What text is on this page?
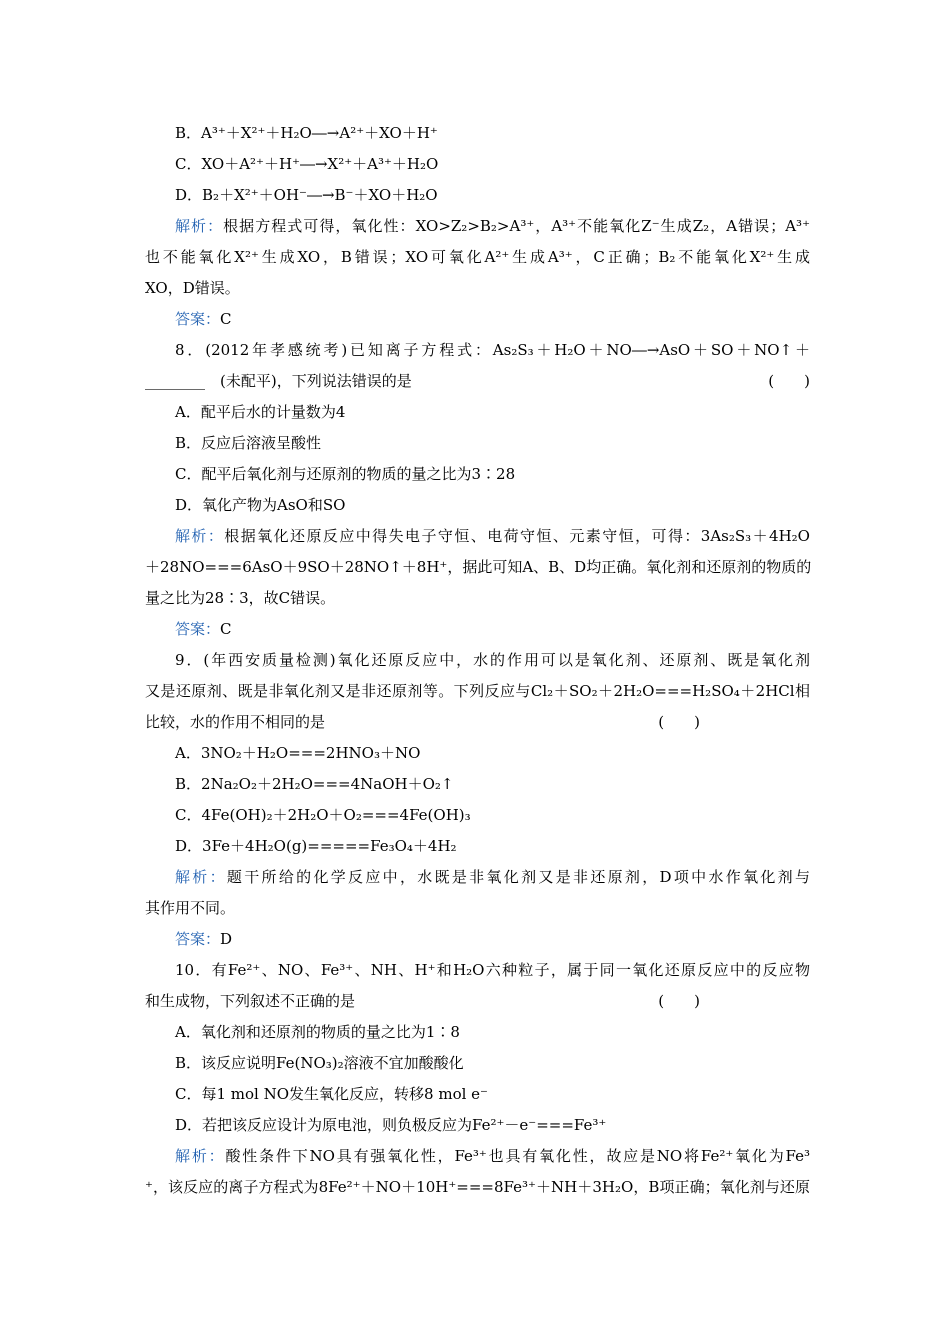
B．A³⁺＋X²⁺＋H₂O―→A²⁺＋XO＋H⁺
C．XO＋A²⁺＋H⁺―→X²⁺＋A³⁺＋H₂O
D．B₂＋X²⁺＋OH⁻―→B⁻＋XO＋H₂O
解析：根据方程式可得，氧化性：XO>Z₂>B₂>A³⁺，A³⁺不能氧化Z⁻生成Z₂，A错误；A³⁺
也不能氧化X²⁺生成XO，B错误；XO可氧化A²⁺生成A³⁺，C正确；B₂不能氧化X²⁺生成
XO，D错误。
答案：C
8．(2012年孝感统考)已知离子方程式：As₂S₃＋H₂O＋NO―→AsO＋SO＋NO↑＋
________　(未配平)，下列说法错误的是	(　　)
A．配平后水的计量数为4
B．反应后溶液呈酸性
C．配平后氧化剂与还原剂的物质的量之比为3∶28
D．氧化产物为AsO和SO
解析：根据氧化还原反应中得失电子守恒、电荷守恒、元素守恒，可得：3As₂S₃＋4H₂O
＋28NO===6AsO＋9SO＋28NO↑＋8H⁺，据此可知A、B、D均正确。氧化剂和还原剂的物质的
量之比为28∶3，故C错误。
答案：C
9．(年西安质量检测)氧化还原反应中，水的作用可以是氧化剂、还原剂、既是氧化剂
又是还原剂、既是非氧化剂又是非还原剂等。下列反应与Cl₂＋SO₂＋2H₂O===H₂SO₄＋2HCl相
比较，水的作用不相同的是	(　　)
A．3NO₂＋H₂O===2HNO₃＋NO
B．2Na₂O₂＋2H₂O===4NaOH＋O₂↑
C．4Fe(OH)₂＋2H₂O＋O₂===4Fe(OH)₃
D．3Fe＋4H₂O(g)=====Fe₃O₄＋4H₂
解析：题干所给的化学反应中，水既是非氧化剂又是非还原剂，D项中水作氧化剂与
其作用不同。
答案：D
10．有Fe²⁺、NO、Fe³⁺、NH、H⁺和H₂O六种粒子，属于同一氧化还原反应中的反应物
和生成物，下列叙述不正确的是	(　　)
A．氧化剂和还原剂的物质的量之比为1∶8
B．该反应说明Fe(NO₃)₂溶液不宜加酸酸化
C．每1 mol NO发生氧化反应，转移8 mol e⁻
D．若把该反应设计为原电池，则负极反应为Fe²⁺－e⁻===Fe³⁺
解析：酸性条件下NO具有强氧化性，Fe³⁺也具有氧化性，故应是NO将Fe²⁺氧化为Fe³
⁺，该反应的离子方程式为8Fe²⁺＋NO＋10H⁺===8Fe³⁺＋NH＋3H₂O，B项正确；氧化剂与还原
